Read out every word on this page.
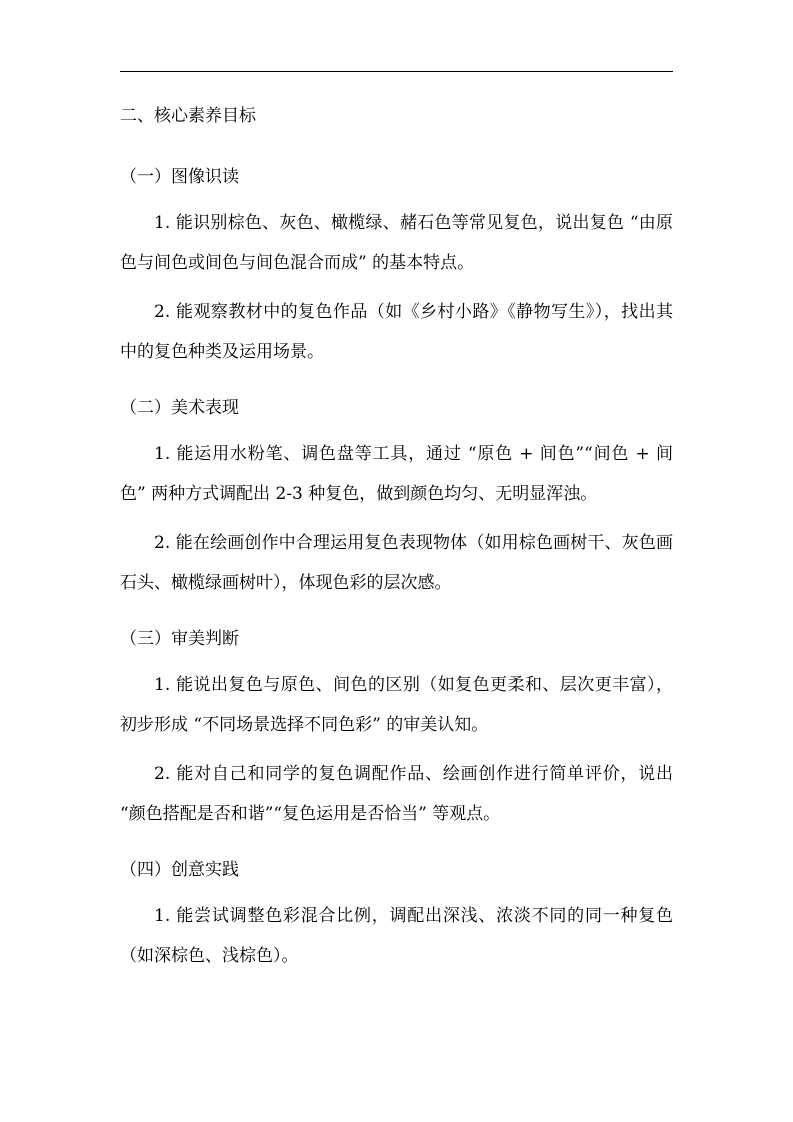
二、核心素养目标

（一）图像识读

1. 能识别棕色、灰色、橄榄绿、赭石色等常见复色，说出复色 “由原色与间色或间色与间色混合而成” 的基本特点。

2. 能观察教材中的复色作品（如《乡村小路》《静物写生》），找出其中的复色种类及运用场景。

（二）美术表现

1. 能运用水粉笔、调色盘等工具，通过 “原色 + 间色”“间色 + 间色” 两种方式调配出 2-3 种复色，做到颜色均匀、无明显浑浊。

2. 能在绘画创作中合理运用复色表现物体（如用棕色画树干、灰色画石头、橄榄绿画树叶），体现色彩的层次感。

（三）审美判断

1. 能说出复色与原色、间色的区别（如复色更柔和、层次更丰富），初步形成 “不同场景选择不同色彩” 的审美认知。

2. 能对自己和同学的复色调配作品、绘画创作进行简单评价，说出 “颜色搭配是否和谐”“复色运用是否恰当” 等观点。

（四）创意实践

1. 能尝试调整色彩混合比例，调配出深浅、浓淡不同的同一种复色（如深棕色、浅棕色）。
